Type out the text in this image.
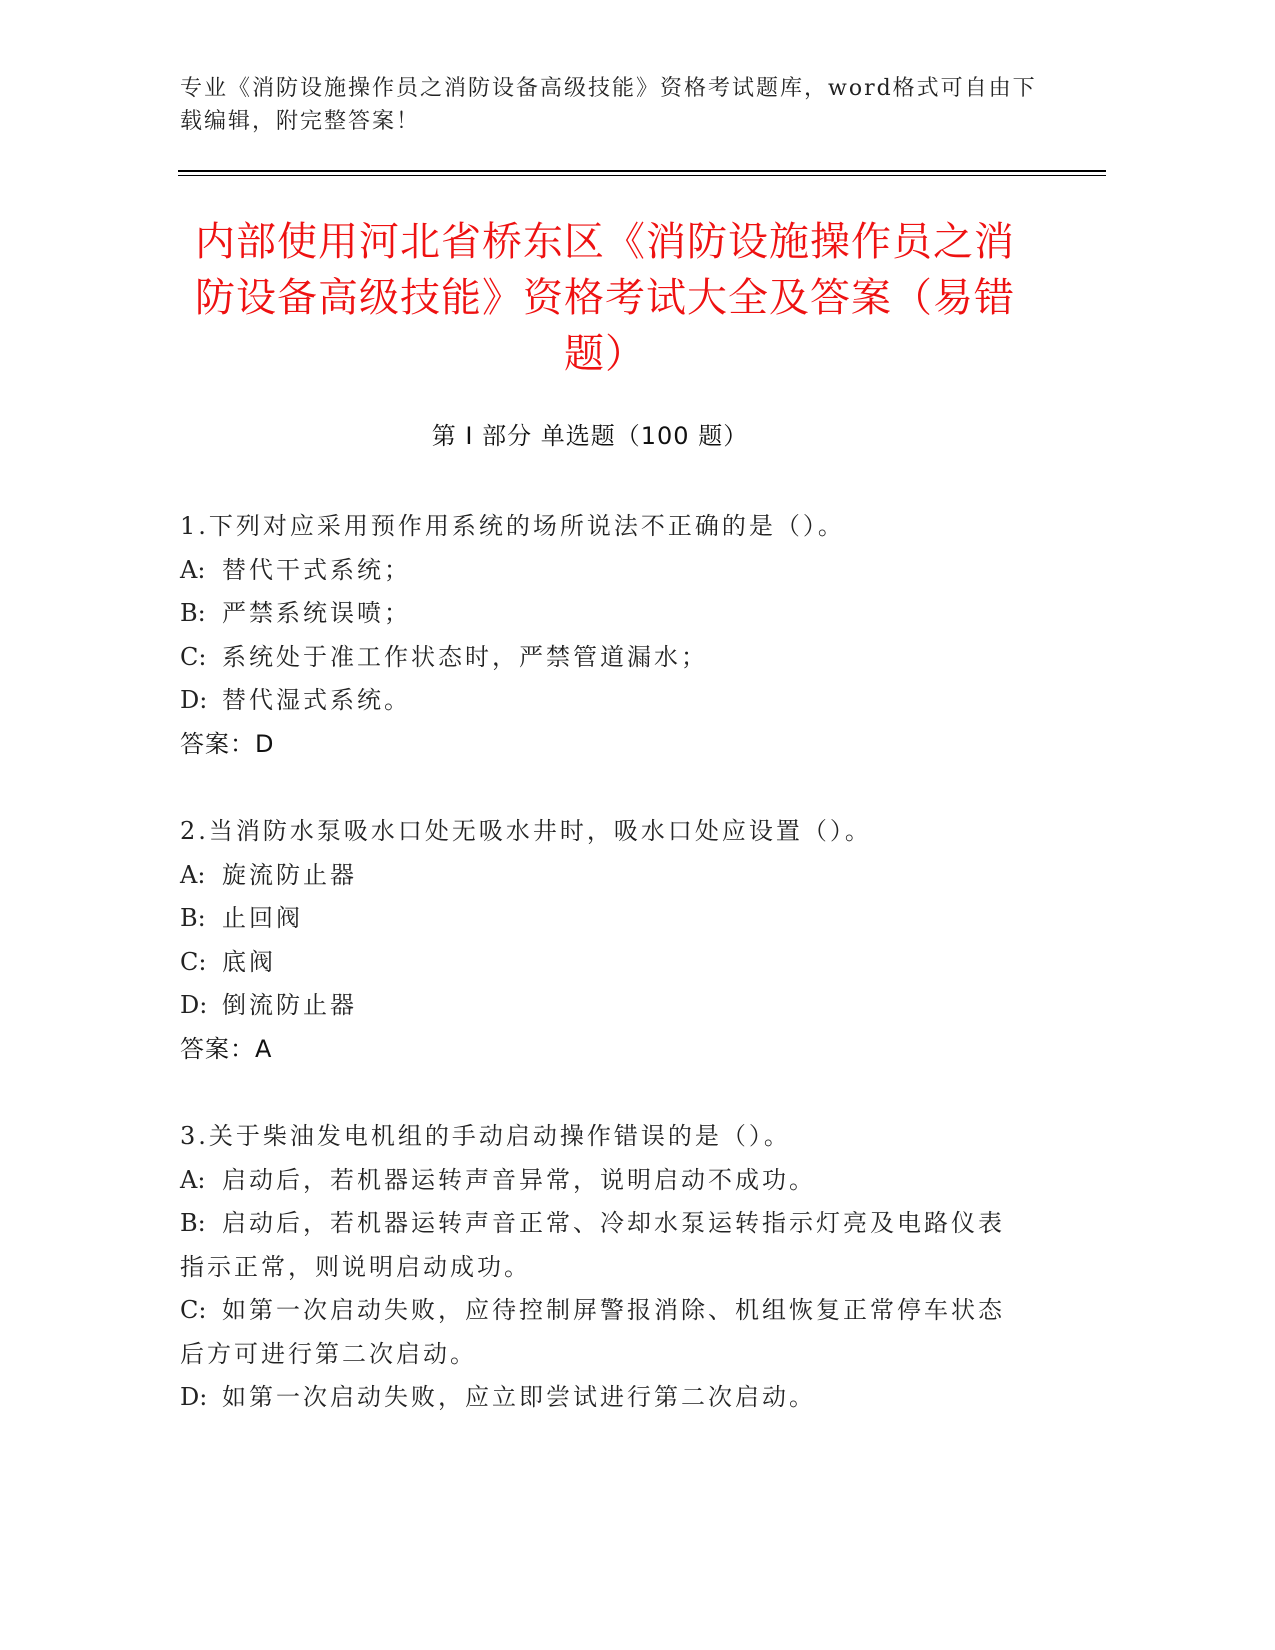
专业《消防设施操作员之消防设备高级技能》资格考试题库，word格式可自由下载编辑，附完整答案！
内部使用河北省桥东区《消防设施操作员之消防设备高级技能》资格考试大全及答案（易错题）
第 I 部分 单选题（100 题）
1.下列对应采用预作用系统的场所说法不正确的是（）。
A: 替代干式系统；
B: 严禁系统误喷；
C: 系统处于准工作状态时，严禁管道漏水；
D: 替代湿式系统。
答案：D
2.当消防水泵吸水口处无吸水井时，吸水口处应设置（）。
A: 旋流防止器
B: 止回阀
C: 底阀
D: 倒流防止器
答案：A
3.关于柴油发电机组的手动启动操作错误的是（）。
A: 启动后，若机器运转声音异常，说明启动不成功。
B: 启动后，若机器运转声音正常、冷却水泵运转指示灯亮及电路仪表指示正常，则说明启动成功。
C: 如第一次启动失败，应待控制屏警报消除、机组恢复正常停车状态后方可进行第二次启动。
D: 如第一次启动失败，应立即尝试进行第二次启动。
